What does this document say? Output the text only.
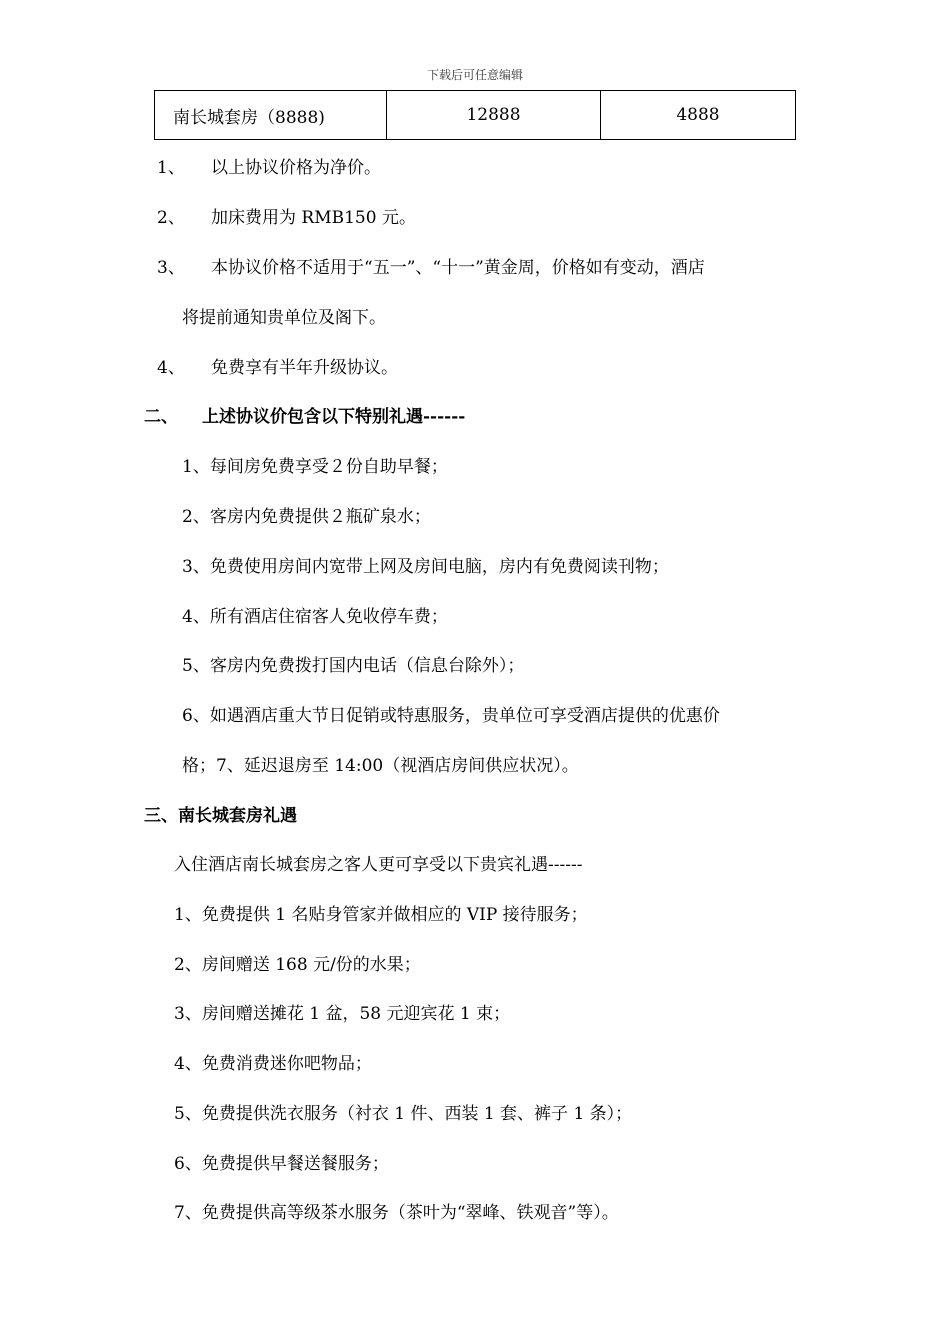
下载后可任意编辑
南长城套房（8888)	12888	4888
1、 以上协议价格为净价。
2、 加床费用为 RMB150 元。
3、 本协议价格不适用于“五一”、“十一”黄金周，价格如有变动，酒店
将提前通知贵单位及阁下。
4、 免费享有半年升级协议。
二、 上述协议价包含以下特别礼遇------
1、每间房免费享受２份自助早餐；
2、客房内免费提供２瓶矿泉水；
3、免费使用房间内宽带上网及房间电脑，房内有免费阅读刊物；
4、所有酒店住宿客人免收停车费；
5、客房内免费拨打国内电话（信息台除外）；
6、如遇酒店重大节日促销或特惠服务，贵单位可享受酒店提供的优惠价
格；7、延迟退房至 14:00（视酒店房间供应状况）。
三、南长城套房礼遇
入住酒店南长城套房之客人更可享受以下贵宾礼遇------
1、免费提供 1 名贴身管家并做相应的 VIP 接待服务；
2、房间赠送 168 元/份的水果；
3、房间赠送摊花 1 盆，58 元迎宾花 1 束；
4、免费消费迷你吧物品；
5、免费提供洗衣服务（衬衣 1 件、西装 1 套、裤子 1 条）；
6、免费提供早餐送餐服务；
7、免费提供高等级茶水服务（茶叶为“翠峰、铁观音”等）。
